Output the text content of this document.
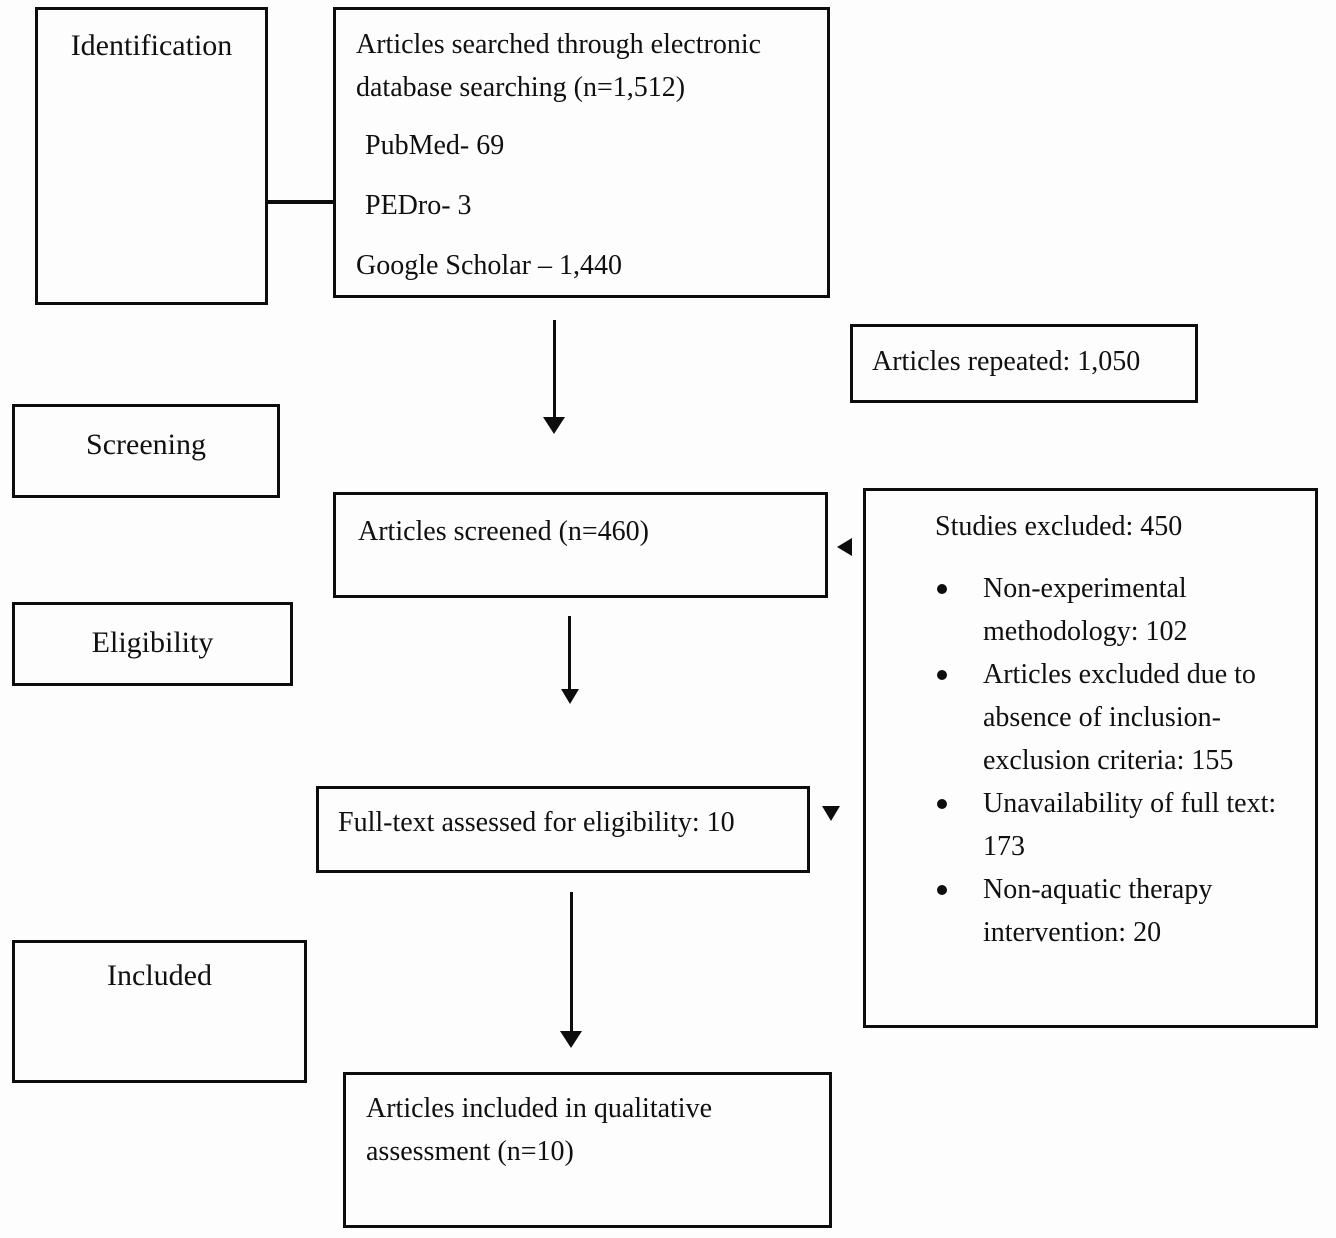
Identification
Screening
Eligibility
Included

Articles searched through electronic database searching (n=1,512)

PubMed- 69

PEDro- 3

Google Scholar – 1,440

Articles repeated: 1,050
Articles screened (n=460)	Studies excluded: 450

Non-experimental methodology: 102
Articles excluded due to absence of inclusion-exclusion criteria: 155
Unavailability of full text: 173
Non-aquatic therapy intervention: 20
Full-text assessed for eligibility: 10
Articles included in qualitative assessment (n=10)
